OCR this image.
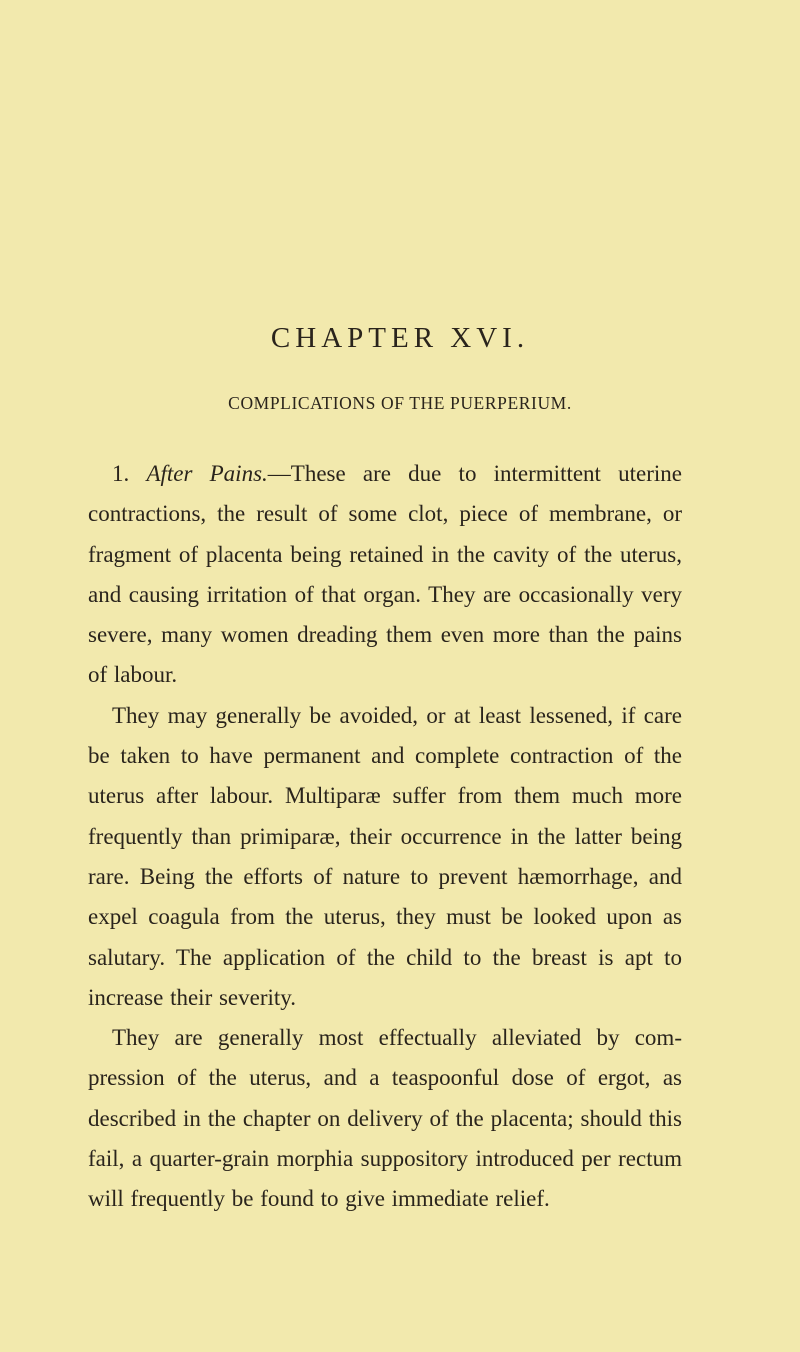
CHAPTER XVI.
COMPLICATIONS OF THE PUERPERIUM.

1. After Pains.—These are due to intermittent uterine contractions, the result of some clot, piece of membrane, or fragment of placenta being retained in the cavity of the uterus, and causing irritation of that organ. They are occasionally very severe, many women dreading them even more than the pains of labour.

They may generally be avoided, or at least lessened, if care be taken to have permanent and complete contraction of the uterus after labour. Multiparæ suffer from them much more frequently than primiparæ, their occurrence in the latter being rare. Being the efforts of nature to prevent hæmorrhage, and expel coagula from the uterus, they must be looked upon as salutary. The application of the child to the breast is apt to increase their severity.

They are generally most effectually alleviated by compression of the uterus, and a teaspoonful dose of ergot, as described in the chapter on delivery of the placenta; should this fail, a quarter-grain morphia suppository introduced per rectum will frequently be found to give immediate relief.
